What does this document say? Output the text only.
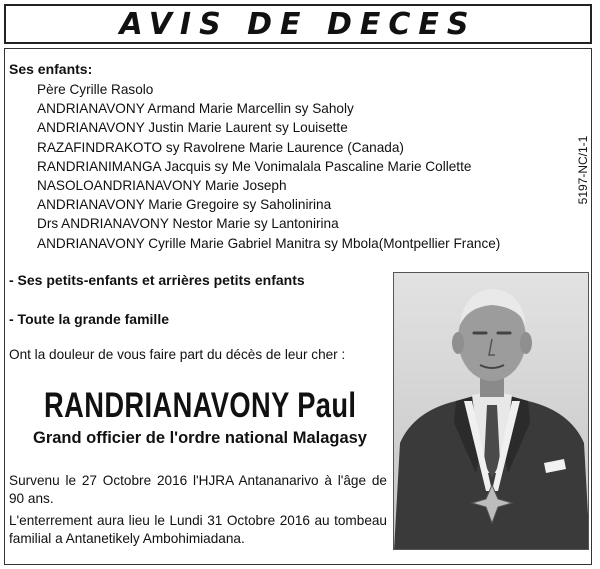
AVIS DE DECES
Ses enfants:
Père Cyrille Rasolo
ANDRIANAVONY Armand Marie Marcellin sy Saholy
ANDRIANAVONY Justin Marie Laurent sy Louisette
RAZAFINDRAKOTO sy Ravolrene Marie Laurence (Canada)
RANDRIANIMANGA Jacquis sy Me Vonimalala Pascaline Marie Collette
NASOLOANDRIANAVONY Marie Joseph
ANDRIANAVONY Marie Gregoire sy Saholinirina
Drs ANDRIANAVONY Nestor Marie sy Lantonirina
ANDRIANAVONY Cyrille Marie Gabriel Manitra sy Mbola(Montpellier France)
5197-NC/1-1
- Ses petits-enfants et arrières petits enfants
- Toute la grande famille
Ont la douleur de vous faire part du décès de leur cher :
RANDRIANAVONY Paul
Grand officier de l'ordre national Malagasy
Survenu le 27 Octobre 2016 l'HJRA Antananarivo à l'âge de 90 ans.
L'enterrement aura lieu le Lundi 31 Octobre 2016 au tombeau familial a Antanetikely Ambohimiadana.
